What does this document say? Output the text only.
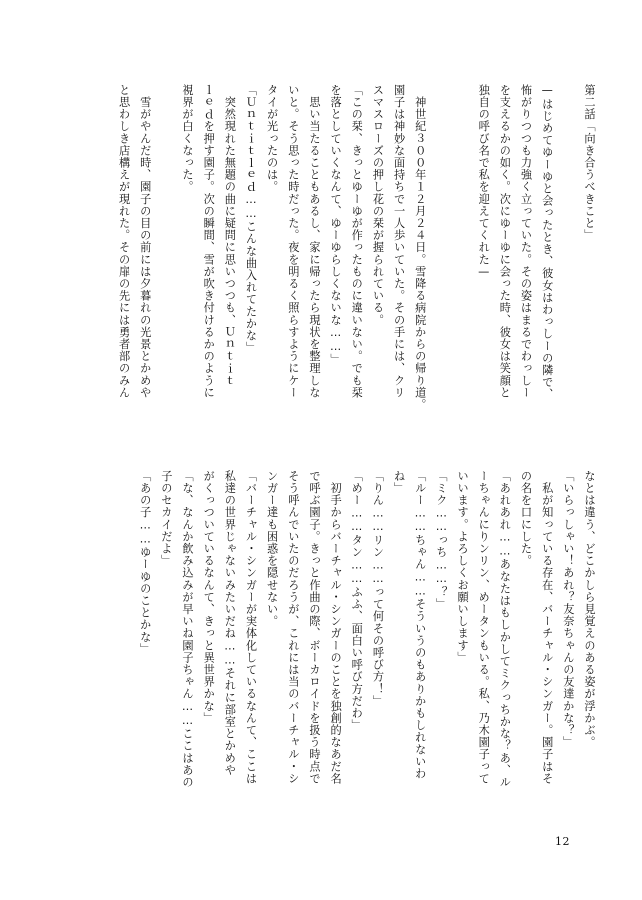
第二話「向き合うべきこと」

—はじめてゆーゆと会ったとき、彼女はわっしーの隣で、
怖がりつつも力強く立っていた。その姿はまるでわっしー
を支えるかの如く。次にゆーゆに会った時、彼女は笑顔と
独自の呼び名で私を迎えてくれた—

　神世紀３００年１２月２４日。雪降る病院からの帰り道。
園子は神妙な面持ちで一人歩いていた。その手には、クリ
スマスローズの押し花の栞が握られている。
「この栞、きっとゆーゆが作ったものに違いない。でも栞
を落としていくなんて、ゆーゆらしくないな……」
　思い当たることもあるし、家に帰ったら現状を整理しな
いと。そう思った時だった。夜を明るく照らすようにケー
タイが光ったのは。
「Ｕｎｔｉｔｌｅｄ……こんな曲入れてたかな」
　突然現れた無題の曲に疑問に思いつつも、Ｕｎｔｉｔ
ｌｅｄを押す園子。次の瞬間、雪が吹き付けるかのように
視界が白くなった。

　雪がやんだ時、園子の目の前には夕暮れの光景とかめや
と思わしき店構えが現れた。その扉の先には勇者部のみん
なとは違う、どこかしら見覚えのある姿が浮かぶ。
「いらっしゃい！あれ？友奈ちゃんの友達かな？」
　私が知っている存在、バーチャル・シンガー。園子はそ
の名を口にした。
「あれあれ……あなたはもしかしてミクっちかな？あ、ル
ーちゃんにりンリン、めータンもいる。私、乃木園子って
いいます。よろしくお願いします」
「ミク……っち……？」
「ルー……ちゃん……そういうのもありかもしれないわ
ね」
「りん……リン……って何その呼び方！」
「めー……タン……ふふ、面白い呼び方だわ」
　初手からバーチャル・シンガーのことを独創的なあだ名
で呼ぶ園子。きっと作曲の際、ボーカロイドを扱う時点で
そう呼んでいたのだろうが、これには当のバーチャル・シ
ンガー達も困惑を隠せない。
「バーチャル・シンガーが実体化しているなんて、ここは
私達の世界じゃないみたいだね……それに部室とかめや
がくっついているなんて、きっと異世界かな」
「な、なんか飲み込みが早いね園子ちゃん……ここはあの
子のセカイだよ」
「あの子……ゆーゆのことかな」
12
